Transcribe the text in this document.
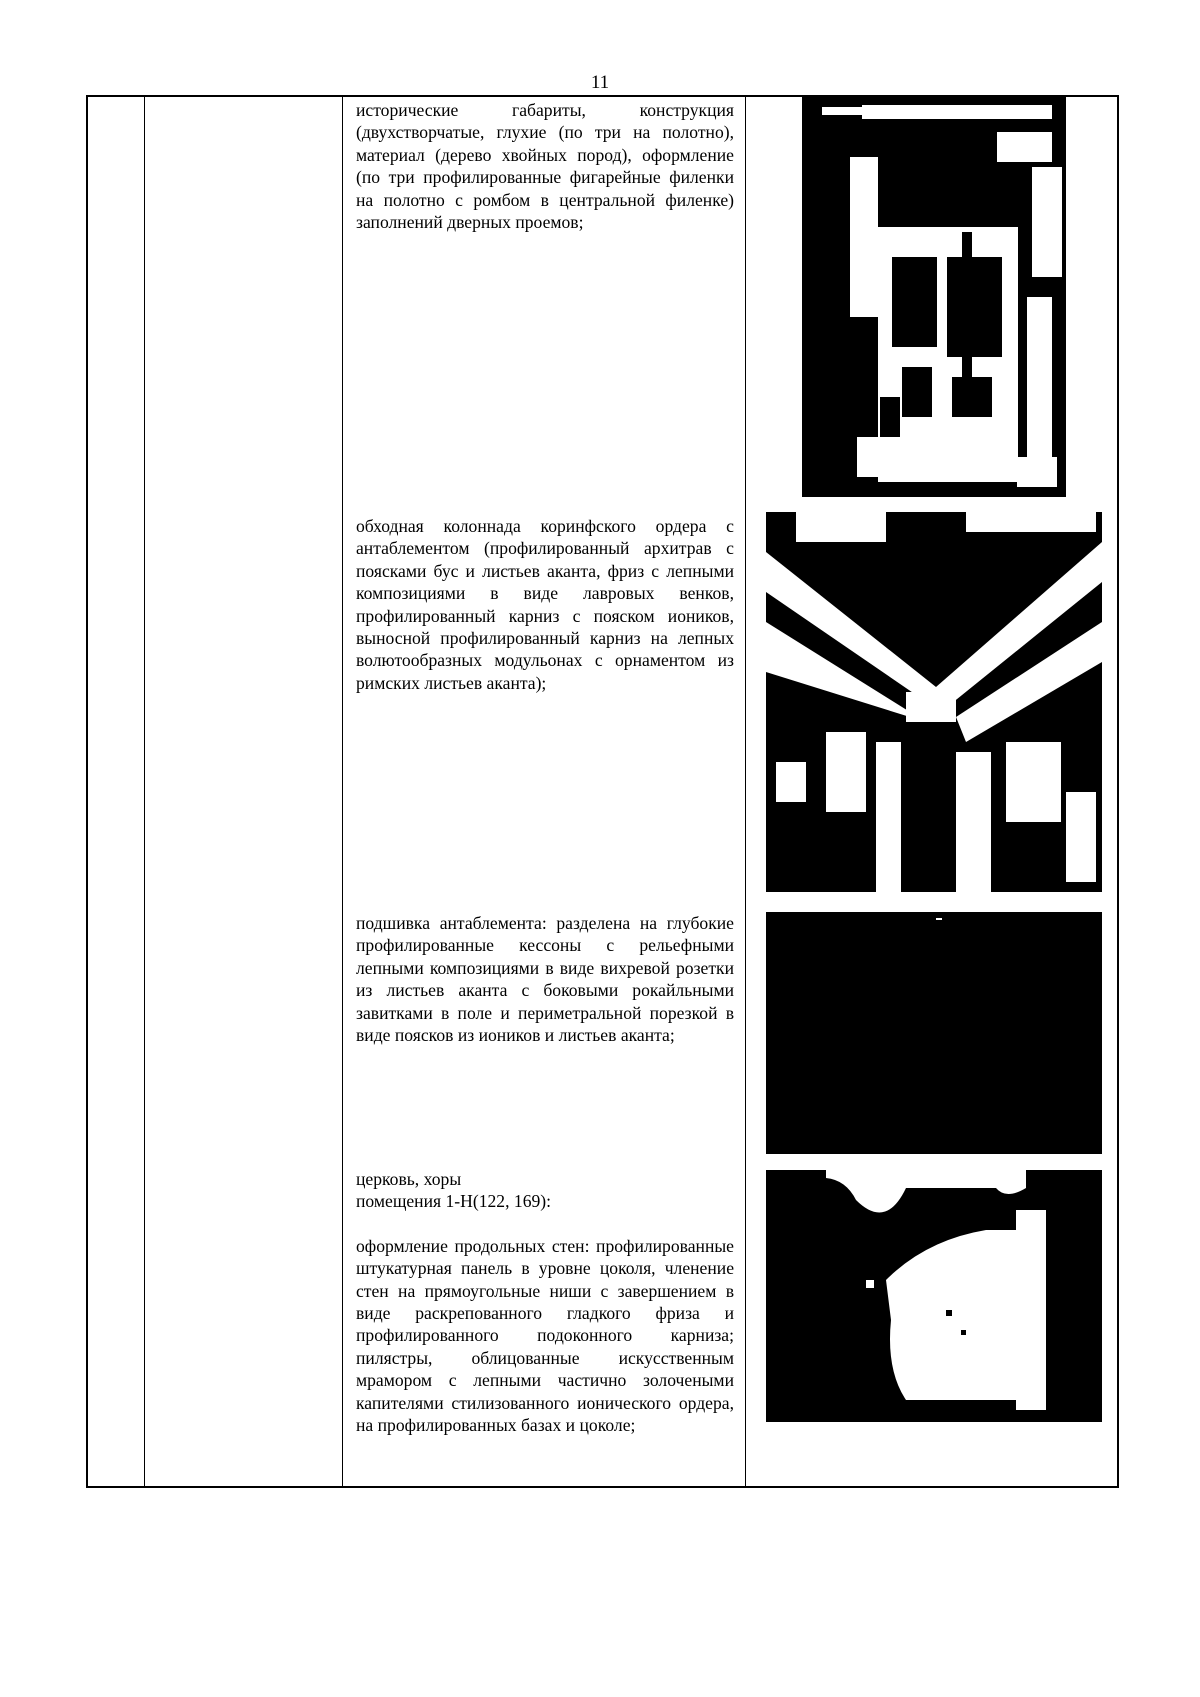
11

исторические габариты, конструкция (двухстворчатые, глухие (по три на полотно), материал (дерево хвойных пород), оформление (по три профилированные фигарейные филенки на полотно с ромбом в центральной филенке) заполнений дверных проемов;

обходная колоннада коринфского ордера с антаблементом (профилированный архитрав с поясками бус и листьев аканта, фриз с лепными композициями в виде лавровых венков, профилированный карниз с пояском иоников, выносной профилированный карниз на лепных волютообразных модульонах с орнаментом из римских листьев аканта);

подшивка антаблемента: разделена на глубокие профилированные кессоны с рельефными лепными композициями в виде вихревой розетки из листьев аканта с боковыми рокайльными завитками в поле и периметральной порезкой в виде поясков из иоников и листьев аканта;

церковь, хоры

помещения 1-Н(122, 169):

оформление продольных стен: профилированные штукатурная панель в уровне цоколя, членение стен на прямоугольные ниши с завершением в виде раскрепованного гладкого фриза и профилированного подоконного карниза; пилястры, облицованные искусственным мрамором с лепными частично золочеными капителями стилизованного ионического ордера, на профилированных базах и цоколе;
